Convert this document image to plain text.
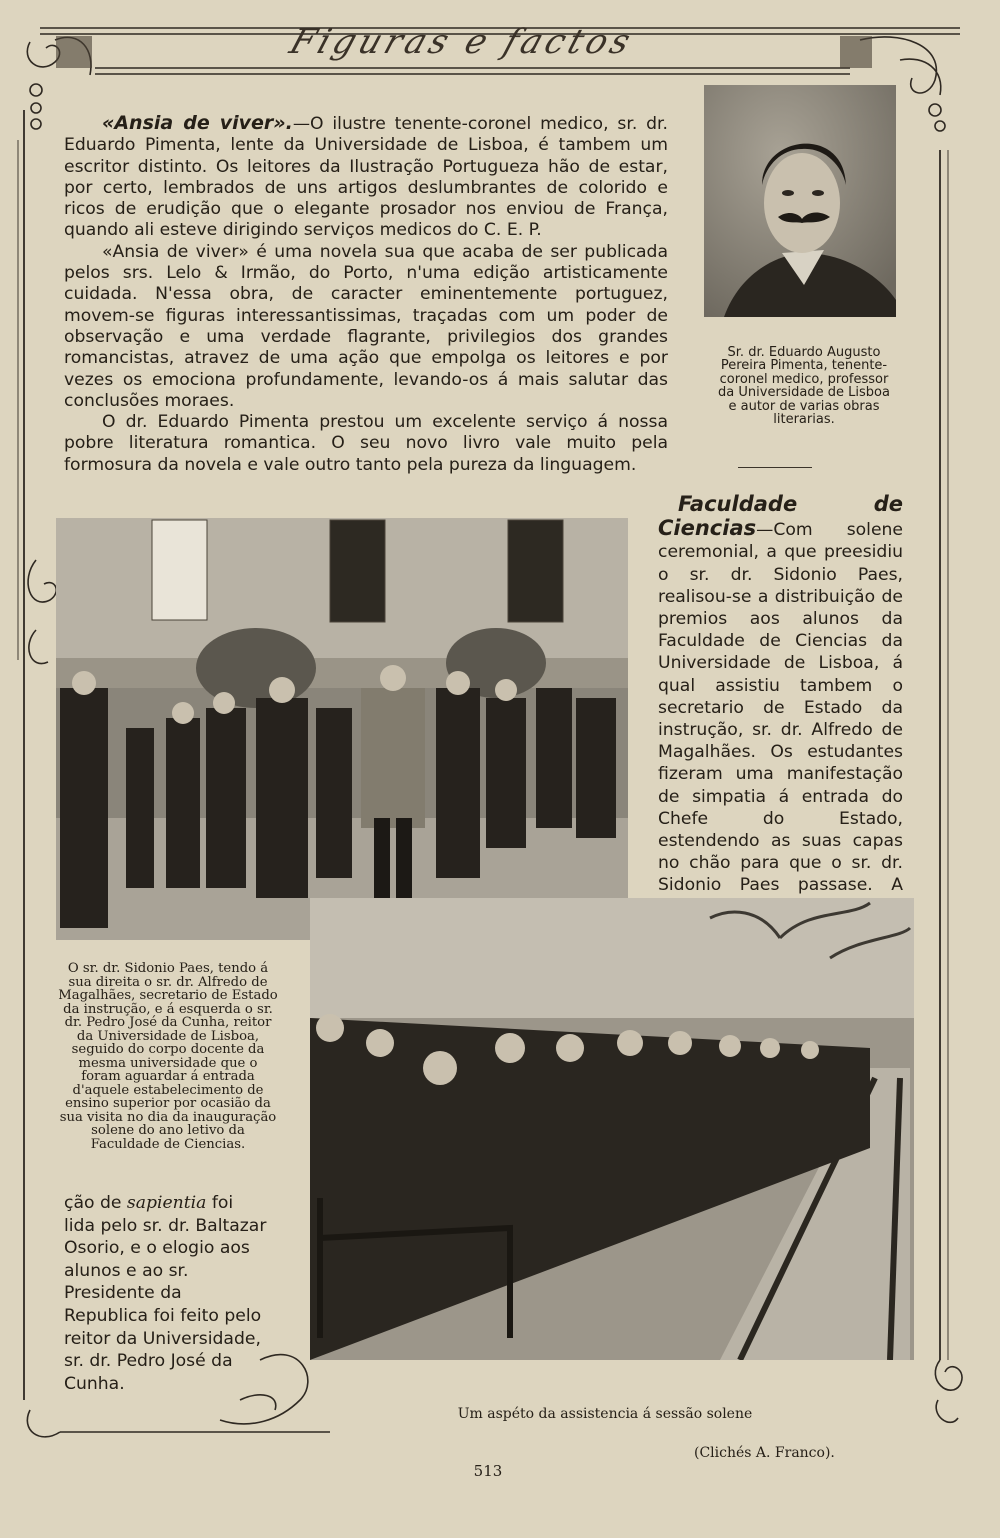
Figuras e factos

«Ansia de viver».—O ilustre tenente-coronel medico, sr. dr. Eduardo Pimenta, lente da Universidade de Lisboa, é tambem um escritor distinto. Os leitores da Ilustração Portugueza hão de estar, por certo, lembrados de uns artigos deslumbrantes de colorido e ricos de erudição que o elegante prosador nos enviou de França, quando ali esteve dirigindo serviços medicos do C. E. P.

«Ansia de viver» é uma novela sua que acaba de ser publicada pelos srs. Lelo & Irmão, do Porto, n'uma edição artisticamente cuidada. N'essa obra, de caracter eminentemente portuguez, movem-se figuras interessantissimas, traçadas com um poder de observação e uma verdade flagrante, privilegios dos grandes romancistas, atravez de uma ação que empolga os leitores e por vezes os emociona profundamente, levando-os á mais salutar das conclusões moraes.

O dr. Eduardo Pimenta prestou um excelente serviço á nossa pobre literatura romantica. O seu novo livro vale muito pela formosura da novela e vale outro tanto pela pureza da linguagem.

Sr. dr. Eduardo Augusto Pereira Pimenta, tenente-coronel medico, professor da Universidade de Lisboa e autor de varias obras literarias.

Faculdade de Ciencias—Com solene ceremonial, a que preesidiu o sr. dr. Sidonio Paes, realisou-se a distribuição de premios aos alunos da Faculdade de Ciencias da Universidade de Lisboa, á qual assistiu tambem o secretario de Estado da instrução, sr. dr. Alfredo de Magalhães. Os estudantes fizeram uma manifestação de simpatia á entrada do Chefe do Estado, estendendo as suas capas no chão para que o sr. dr. Sidonio Paes passase. A

O sr. dr. Sidonio Paes, tendo á sua direita o sr. dr. Alfredo de Magalhães, secretario de Estado da instrução, e á esquerda o sr. dr. Pedro José da Cunha, reitor da Universidade de Lisboa, seguido do corpo docente da mesma universidade que o foram aguardar á entrada d'aquele estabelecimento de ensino superior por ocasião da sua visita no dia da inauguração solene do ano letivo da Faculdade de Ciencias.
ção de sapientia foi lida pelo sr. dr. Baltazar Osorio, e o elogio aos alunos e ao sr. Presidente da Republica foi feito pelo reitor da Universidade, sr. dr. Pedro José da Cunha.
Um aspéto da assistencia á sessão solene
(Clichés A. Franco).
513
